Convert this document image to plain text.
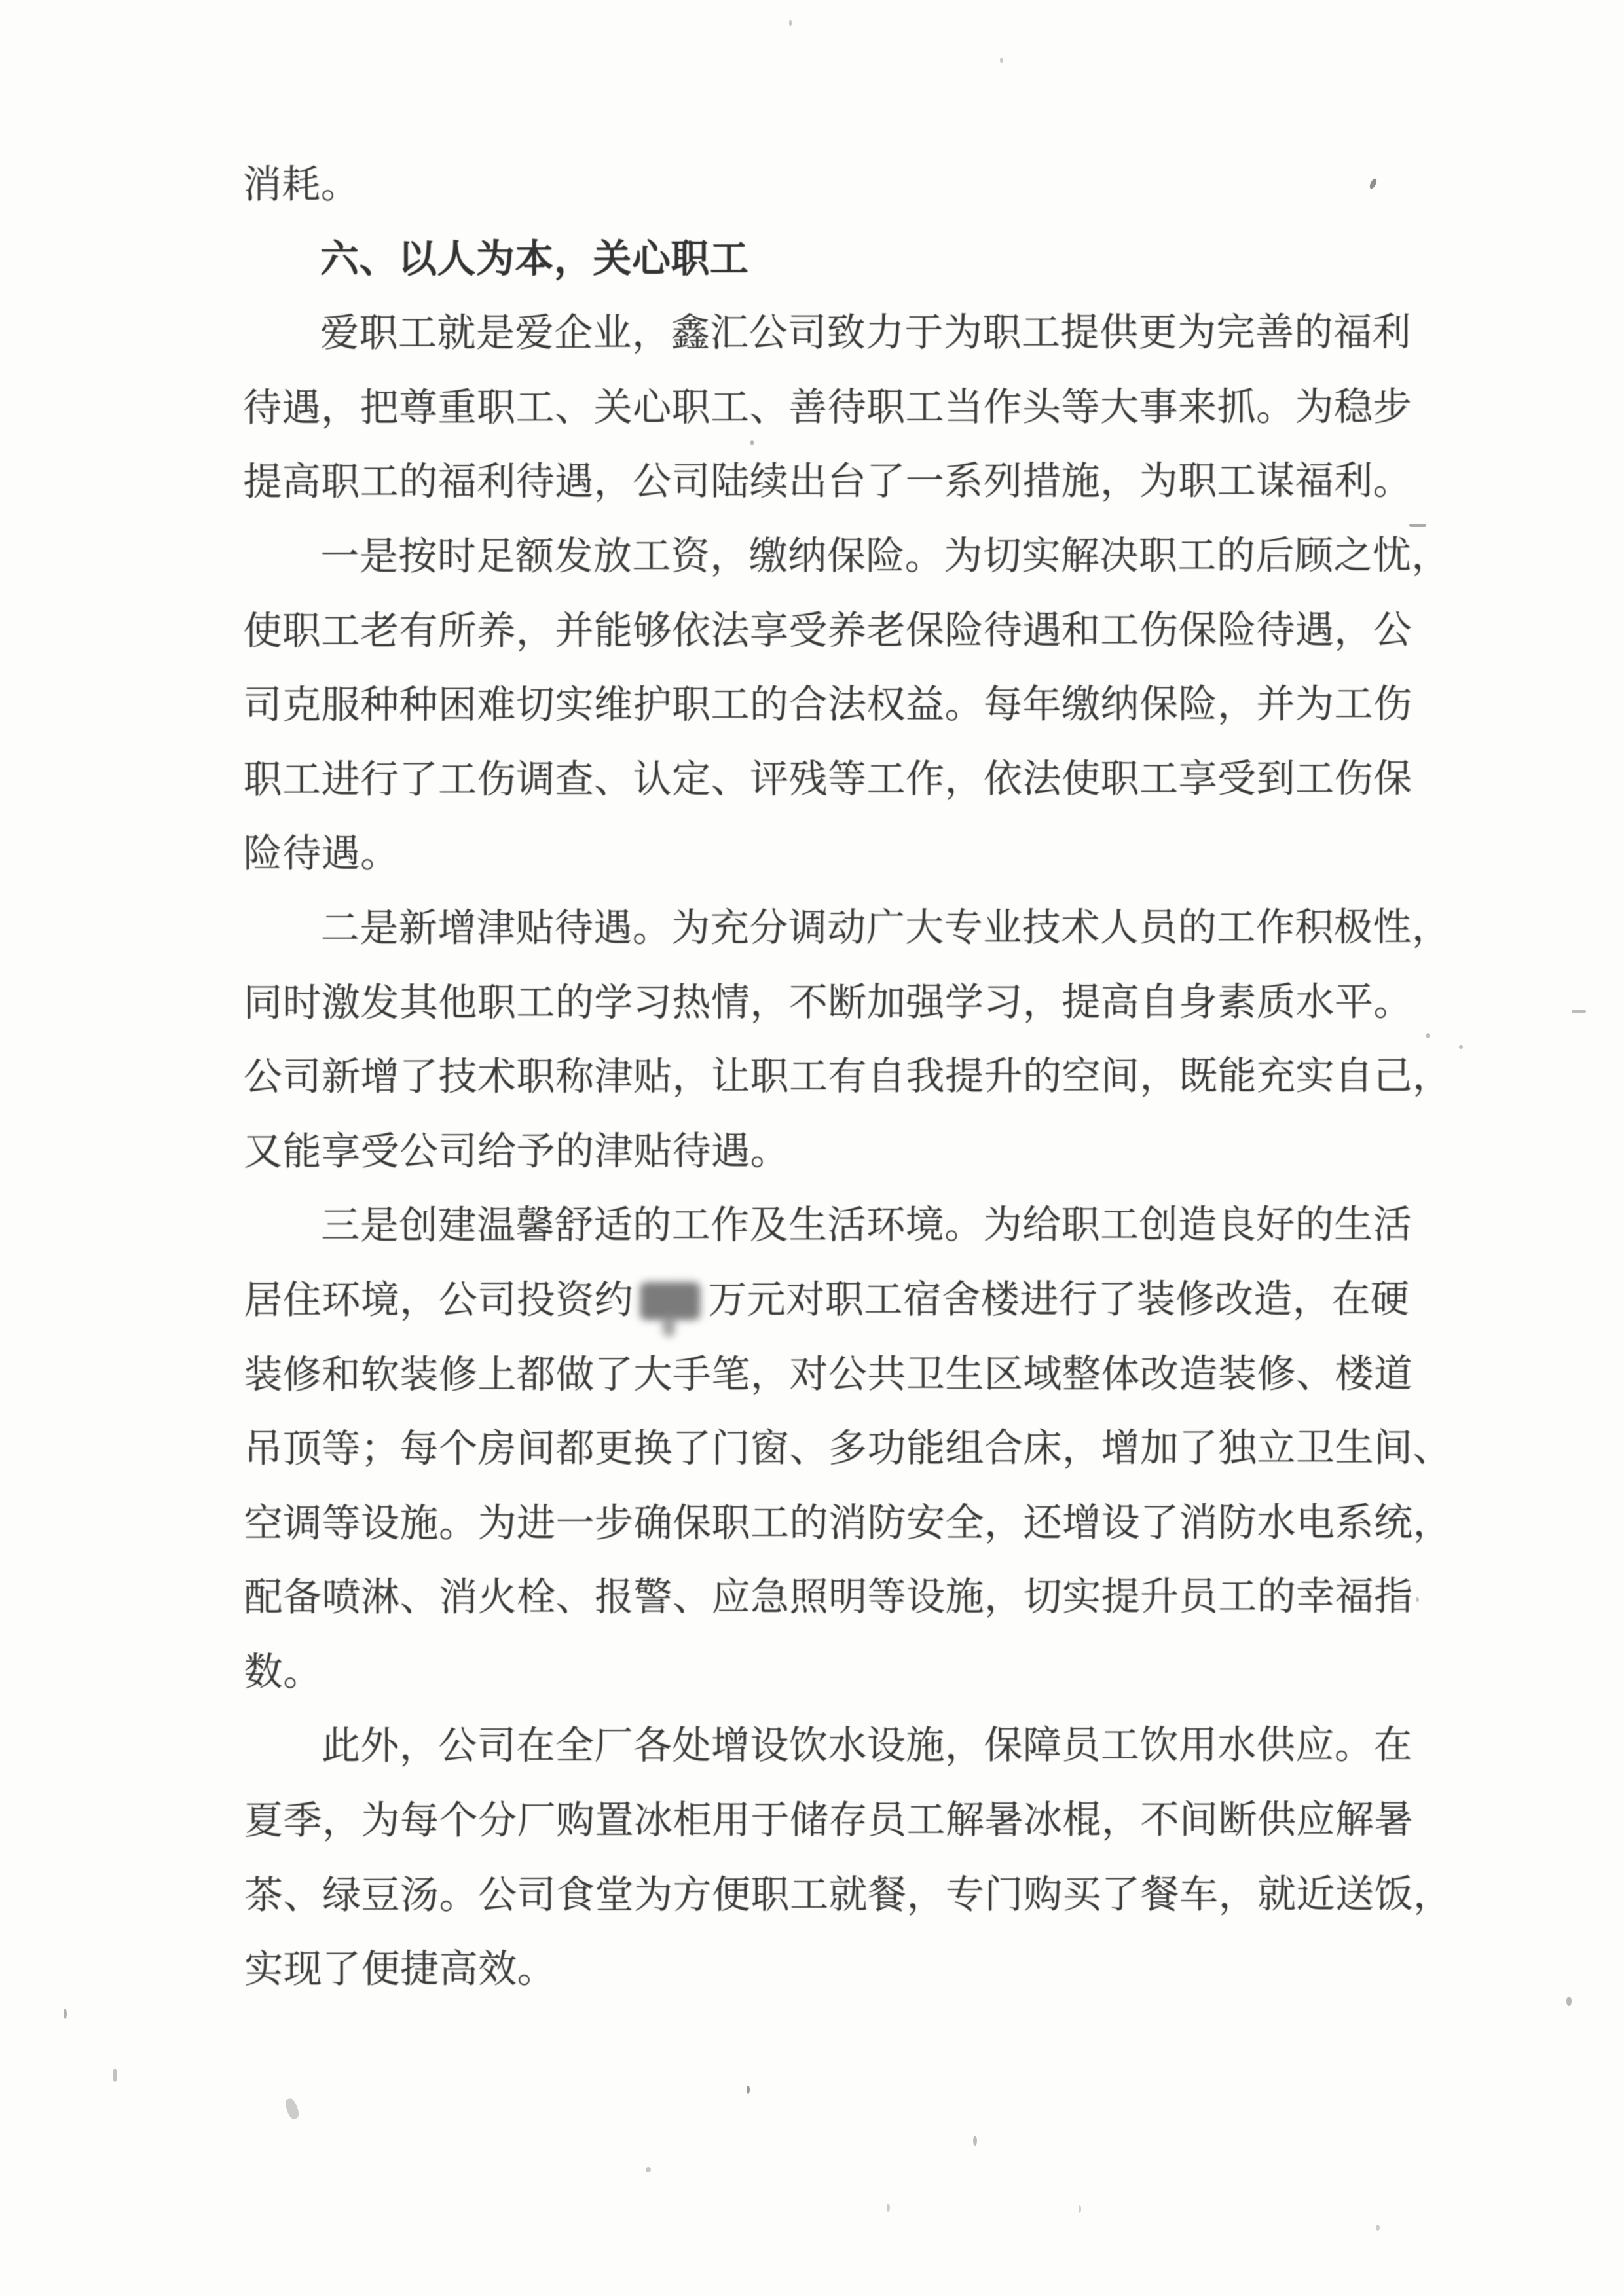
消耗。
六、以人为本，关心职工
爱职工就是爱企业，鑫汇公司致力于为职工提供更为完善的福利
待遇，把尊重职工、关心职工、善待职工当作头等大事来抓。为稳步
提高职工的福利待遇，公司陆续出台了一系列措施，为职工谋福利。
一是按时足额发放工资，缴纳保险。为切实解决职工的后顾之忧，
使职工老有所养，并能够依法享受养老保险待遇和工伤保险待遇，公
司克服种种困难切实维护职工的合法权益。每年缴纳保险，并为工伤
职工进行了工伤调查、认定、评残等工作，依法使职工享受到工伤保
险待遇。
二是新增津贴待遇。为充分调动广大专业技术人员的工作积极性，
同时激发其他职工的学习热情，不断加强学习，提高自身素质水平。
公司新增了技术职称津贴，让职工有自我提升的空间，既能充实自己，
又能享受公司给予的津贴待遇。
三是创建温馨舒适的工作及生活环境。为给职工创造良好的生活
居住环境，公司投资约 万元对职工宿舍楼进行了装修改造，在硬
装修和软装修上都做了大手笔，对公共卫生区域整体改造装修、楼道
吊顶等；每个房间都更换了门窗、多功能组合床，增加了独立卫生间、
空调等设施。为进一步确保职工的消防安全，还增设了消防水电系统，
配备喷淋、消火栓、报警、应急照明等设施，切实提升员工的幸福指
数。
此外，公司在全厂各处增设饮水设施，保障员工饮用水供应。在
夏季，为每个分厂购置冰柜用于储存员工解暑冰棍，不间断供应解暑
茶、绿豆汤。公司食堂为方便职工就餐，专门购买了餐车，就近送饭，
实现了便捷高效。
